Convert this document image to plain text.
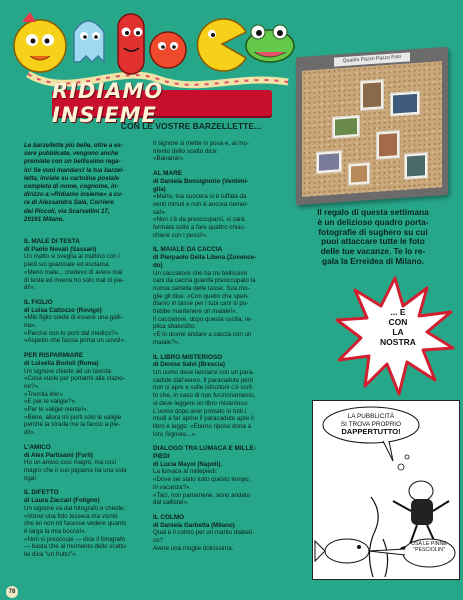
RIDIAMO INSIEME
CON LE VOSTRE BARZELLETTE...
Le barzellette più belle, oltre a es-
sere pubblicate, vengono anche
premiate con un bellissimo rega-
lo! Se vuoi mandarci la tua barzel-
letta, inviale su cartolina postale
completa di nome, cognome, in-
dirizzo a:«Ridiamo insieme» a cu-
ra di Alessandra Sala, Corriere
dei Piccoli, via Scarsellini 17,
20161 Milano.
IL MALE DI TESTA
di Paolo Novali (Sassari)
Un matto si sveglia al mattino con i
piedi sui guanciale ed esclama:
«Meno male... credevo di avere mal
di testa ed invece ho solo mal di pie-
di!».
IL FIGLIO
di Luisa Cattozzo (Rovigo)
«Mio figlio crede di essere una galli-
na».
«Perché non lo porti dal medico?».
«Aspetto che faccia prima un uovo!».
PER RISPARMIARE
di Luisella Borioli (Roma)
Un signore chiede ad un taxista:
«Cosa vuole per portarmi alla stazio-
ne?».
«Tremila lire!»
«E per le valigie?».
«Per le valigie niente!».
«Bene, allora mi porti solo le valigie
perché la strada me la faccio a pie-
di!».
L'AMICO
di Alex Partisami (Forlì)
Ho un amico così magro, ma così
magro che il suo pigiama ha una sola
riga!
IL DIFETTO
di Laura Zaccari (Foligno)
Un signore va dal fotografo e chiede:
«Vorrei una foto tessera ma vorrei
che lei non mi facesse vedere quanto
è larga la mia bocca!».
«Non si preoccupi — dice il fotografo
— basta che al momento dello scatto
lei dica "un frutto"».
Il signore si mette in posa e, al mo-
mento dello scatto dice:
«Banana!».
AL MARE
di Daniela Bonsignorio (Ventimi-
glia)
«Mario, tua suocera si è tuffata da
venti minuti e non è ancora riemer-
sa!».
«Non c'è da preoccuparsi, si sarà
fermata sotto a fare quattro chiac-
chiere con i pesci!».
IL MAIALE DA CACCIA
di Pierpaolo Della Libera (Zovence-
do)
Un cacciatore che ha tre bellissimi
cani da caccia guarda preoccupato la
nuova cartella delle tasse. Sua mo-
glie gli dice: «Con quello che spen-
diamo in tasse per i tuoi cani si po-
trebbe mantenere un maiale!».
Il cacciatore, dopo questa uscita, re-
plica sbalordito:
«E lo dovrei andare a caccia con un
maiale?».
IL LIBRO MISTERIOSO
di Denise Salvi (Brescia)
Un uomo deve lanciarsi con un para-
cadute dall'aereo. Il paracadute però
non si apre e sulle istruzioni c'è scrit-
to che, in caso di non funzionamento,
si deve leggere un libro misterioso.
L'uomo dopo aver provato in tutti i
modi a far aprire il paracadute apre il
libro e legge: «Eterno riposo dona a
loro Signore...».
DIALOGO TRA LUMACA E MILLE-
PIEDI
di Lucia Mayol (Napoli).
La lumaca al millepiedi:
«Dove sei stato tutto questo tempo,
in vacanza?».
«Taci, non parlarnene, sono andato
dal callista!».
IL COLMO
di Daniela Garbetta (Milano)
Qual è il colmo per un marito diabeti-
co?
Avere una moglie dolcissima.
Quadro Pazzo Pazzo Foto
Il regalo di questa settimana
è un delizioso quadro porta-
fotografie di sughero su cui
puoi attaccare tutte le foto
delle tue vacanze. Te lo re-
gala la Erreidea di Milano.
... E
CON
LA
NOSTRA
LA PUBBLICITÀ
SI TROVA PROPRIO
DAPPERTUTTO!
USA LE PINNE
"PESCIOLIN"
78
